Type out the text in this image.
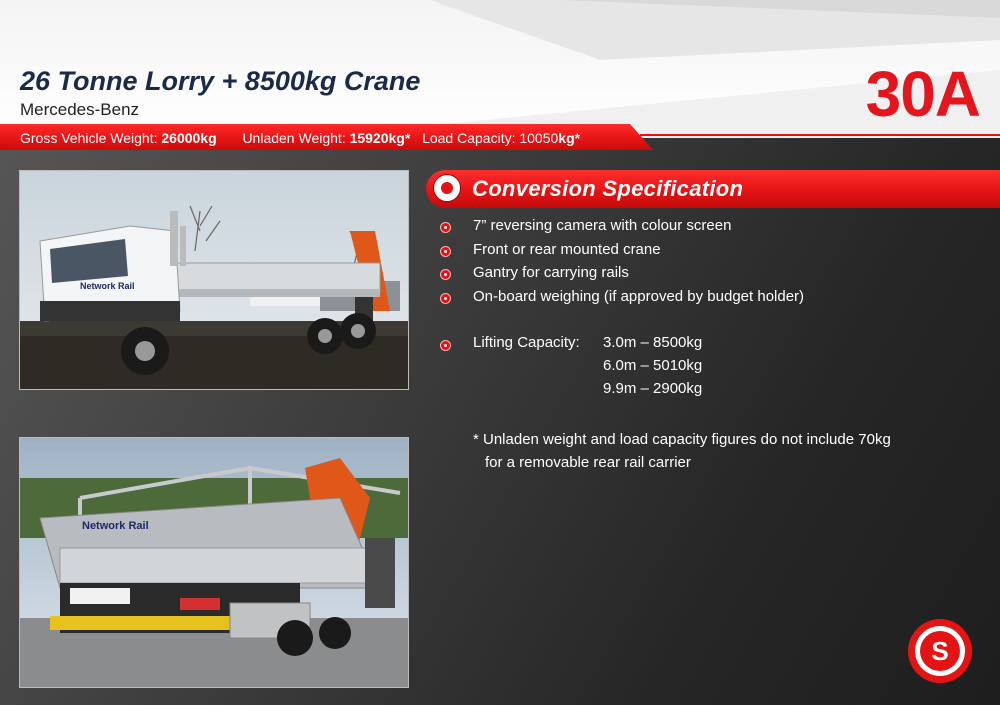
26 Tonne Lorry + 8500kg Crane
Mercedes-Benz	30A
Gross Vehicle Weight: 26000kg Unladen Weight: 15920kg* Load Capacity: 10050kg*
Network Rail
Network Rail
Conversion Specification
7” reversing camera with colour screen
Front or rear mounted crane
Gantry for carrying rails
On-board weighing (if approved by budget holder)
Lifting Capacity: 3.0m – 8500kg
6.0m – 5010kg
9.9m – 2900kg
* Unladen weight and load capacity figures do not include 70kg
for a removable rear rail carrier
S
